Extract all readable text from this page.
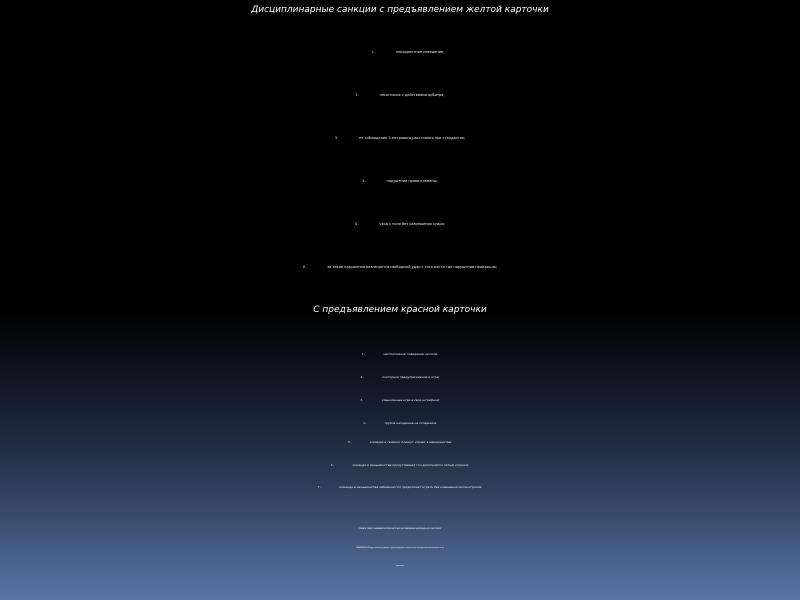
Дисциплинарные санкции с предъявлением желтой карточки
1.	некорректное поведение;
2.	несогласие с действиями арбитра;
3.	не соблюдение 5-метрового расстояния при стандартах;
4.	нарушение правил замены;
5.	уход с поля без разрешения судьи;
6.	за такие нарушения назначается свободный удар с того места где нарушение произошло;
С предъявлением красной карточки
1.	неспортивное поведение на поле;
2.	повторное предупреждение в игре;
3.	умышленная игра в свое штрафной;
4.	грубое нападение на соперника;
5.	команда в течении 2-минут играет в меньшинстве;
6.	команда в меньшинстве пропустившая гол дополняется пятым игроком;
7.	команда в меньшинстве забившая гол продолжает играть без изменения числа игроков;
ПРАВИЛА ТРЕБУЮТ НАКАЗАНИЕ ИГРОКОВ НЕТОЛЬКО ЗА СОВЕРШЕННОЕ НАРУШЕНИЕ, НО И ЗА ПОПЫТКУ
СОВЕРШИТЬ ЕГО(один попытался ударить, другой увернулся; замах в ответ на нарушение расценивается по-
другому);
